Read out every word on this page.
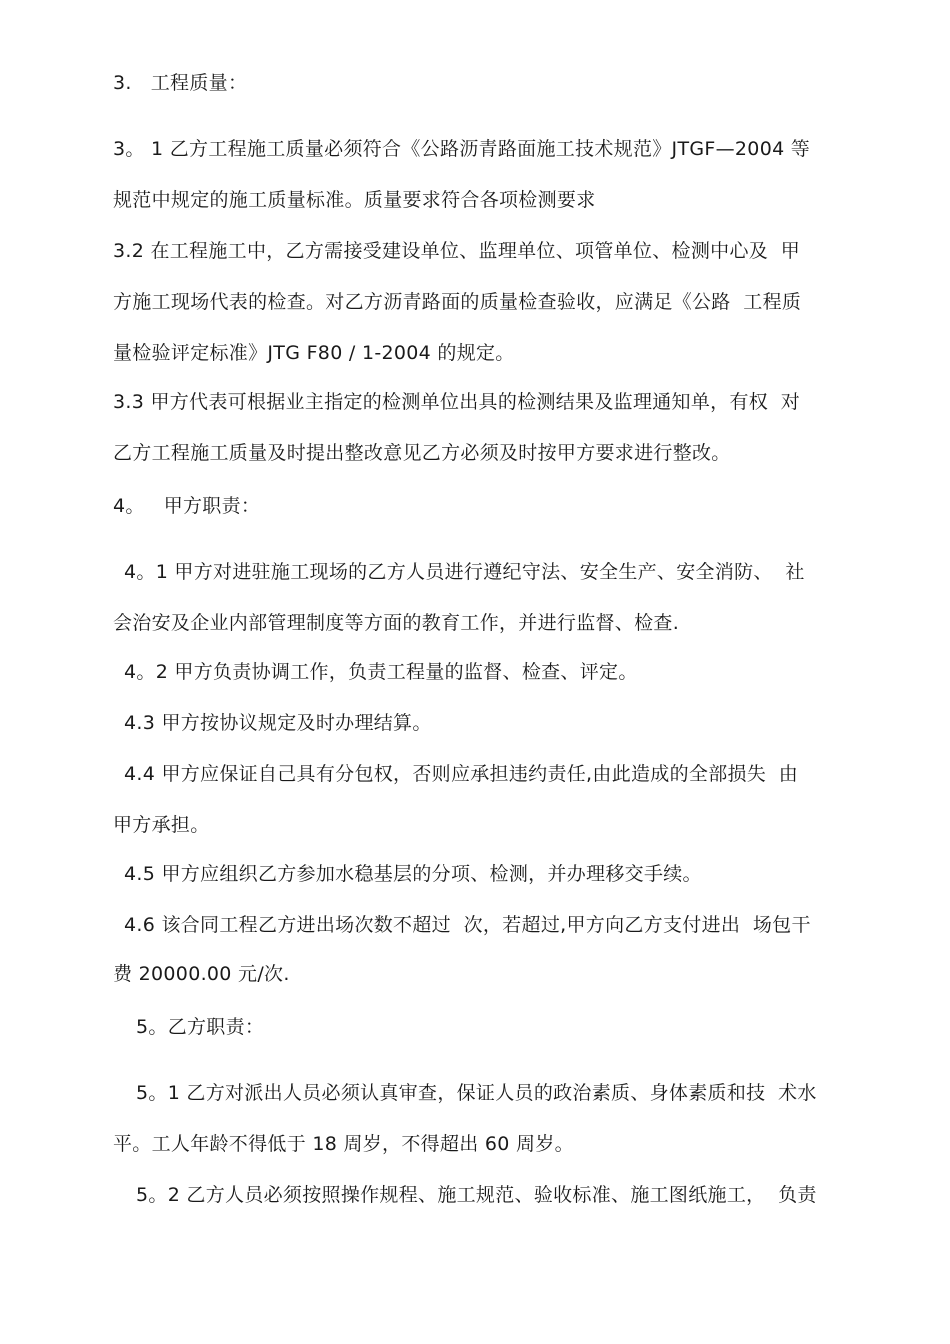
3.   工程质量：
3。 1 乙方工程施工质量必须符合《公路沥青路面施工技术规范》JTGF—2004 等
规范中规定的施工质量标准。质量要求符合各项检测要求
3.2 在工程施工中，乙方需接受建设单位、监理单位、项管单位、检测中心及  甲
方施工现场代表的检查。对乙方沥青路面的质量检查验收，应满足《公路  工程质
量检验评定标准》JTG F80 / 1-2004 的规定。
3.3 甲方代表可根据业主指定的检测单位出具的检测结果及监理通知单，有权  对
乙方工程施工质量及时提出整改意见乙方必须及时按甲方要求进行整改。
4。   甲方职责：
4。1 甲方对进驻施工现场的乙方人员进行遵纪守法、安全生产、安全消防、  社
会治安及企业内部管理制度等方面的教育工作，并进行监督、检查.
4。2 甲方负责协调工作，负责工程量的监督、检查、评定。
4.3 甲方按协议规定及时办理结算。
4.4 甲方应保证自己具有分包权，否则应承担违约责任,由此造成的全部损失  由
甲方承担。
4.5 甲方应组织乙方参加水稳基层的分项、检测，并办理移交手续。
4.6 该合同工程乙方进出场次数不超过  次，若超过,甲方向乙方支付进出  场包干
费 20000.00 元/次.
5。乙方职责：
5。1 乙方对派出人员必须认真审查，保证人员的政治素质、身体素质和技  术水
平。工人年龄不得低于 18 周岁，不得超出 60 周岁。
5。2 乙方人员必须按照操作规程、施工规范、验收标准、施工图纸施工，  负责
